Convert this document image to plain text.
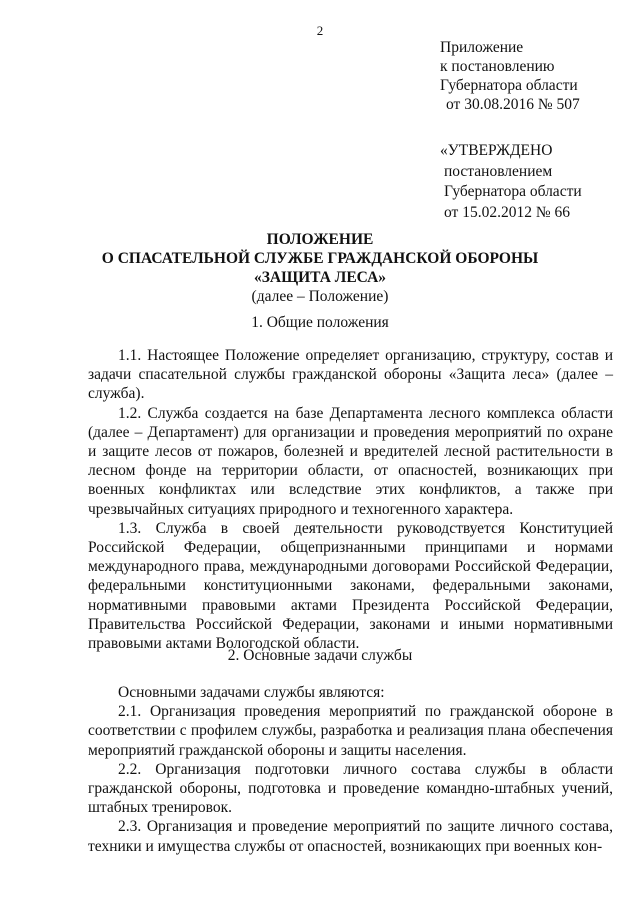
2
Приложение
к постановлению
Губернатора области
от 30.08.2016 № 507
«УТВЕРЖДЕНО
постановлением
Губернатора области
от 15.02.2012 № 66
ПОЛОЖЕНИЕ
О СПАСАТЕЛЬНОЙ СЛУЖБЕ ГРАЖДАНСКОЙ ОБОРОНЫ
«ЗАЩИТА ЛЕСА»
(далее – Положение)
1. Общие положения

1.1. Настоящее Положение определяет организацию, структуру, состав и задачи спасательной службы гражданской обороны «Защита леса» (далее – служба).

1.2. Служба создается на базе Департамента лесного комплекса области (далее – Департамент) для организации и проведения мероприятий по охране и защите лесов от пожаров, болезней и вредителей лесной растительности в лесном фонде на территории области, от опасностей, возникающих при военных конфликтах или вследствие этих конфликтов, а также при чрезвычайных ситуациях природного и техногенного характера.

1.3. Служба в своей деятельности руководствуется Конституцией Российской Федерации, общепризнанными принципами и нормами международного права, международными договорами Российской Федерации, федеральными конституционными законами, федеральными законами, нормативными правовыми актами Президента Российской Федерации, Правительства Российской Федерации, законами и иными нормативными правовыми актами Вологодской области.

2. Основные задачи службы

Основными задачами службы являются:

2.1. Организация проведения мероприятий по гражданской обороне в соответствии с профилем службы, разработка и реализация плана обеспечения мероприятий гражданской обороны и защиты населения.

2.2. Организация подготовки личного состава службы в области гражданской обороны, подготовка и проведение командно-штабных учений, штабных тренировок.

2.3. Организация и проведение мероприятий по защите личного состава, техники и имущества службы от опасностей, возникающих при военных кон-
